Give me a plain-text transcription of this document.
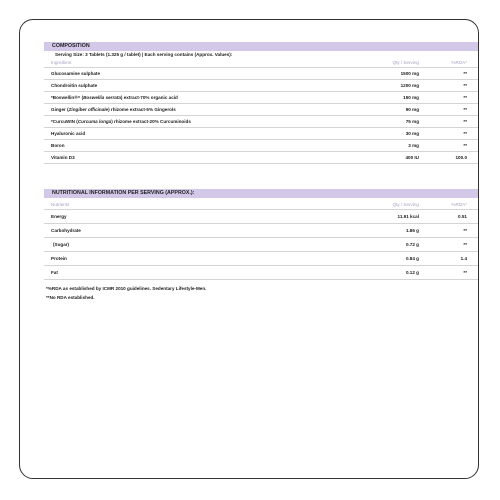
COMPOSITION
Serving Size: 3 Tablets (1.325 g / tablet) | Each serving contains (Approx. Values):
Ingredient	Qty / Serving	%RDA*
Glucosamine sulphate	1500 mg	**
Chondroitin sulphate	1200 mg	**
*Boswellin®^ (Boswellia serrata) extract-70% organic acid	150 mg	**
Ginger (Zingiber officinale) rhizome extract-5% Gingerols	90 mg	**
*CurcuWIN (Curcuma longa) rhizome extract-20% Curcuminoids	75 mg	**
Hyaluronic acid	30 mg	**
Boron	3 mg	**
Vitamin D3	400 IU	100.0
NUTRITIONAL INFORMATION PER SERVING (APPROX.):
Nutrients	Qty / Serving	%RDA*
Energy	11.91 kcal	0.51
Carbohydrate	1.86 g	**
(Sugar)	0.72 g	**
Protein	0.84 g	1.4
Fat	0.12 g	**
*%RDA as established by ICMR 2010 guidelines. Sedentary Lifestyle-Men.
**No RDA established.
